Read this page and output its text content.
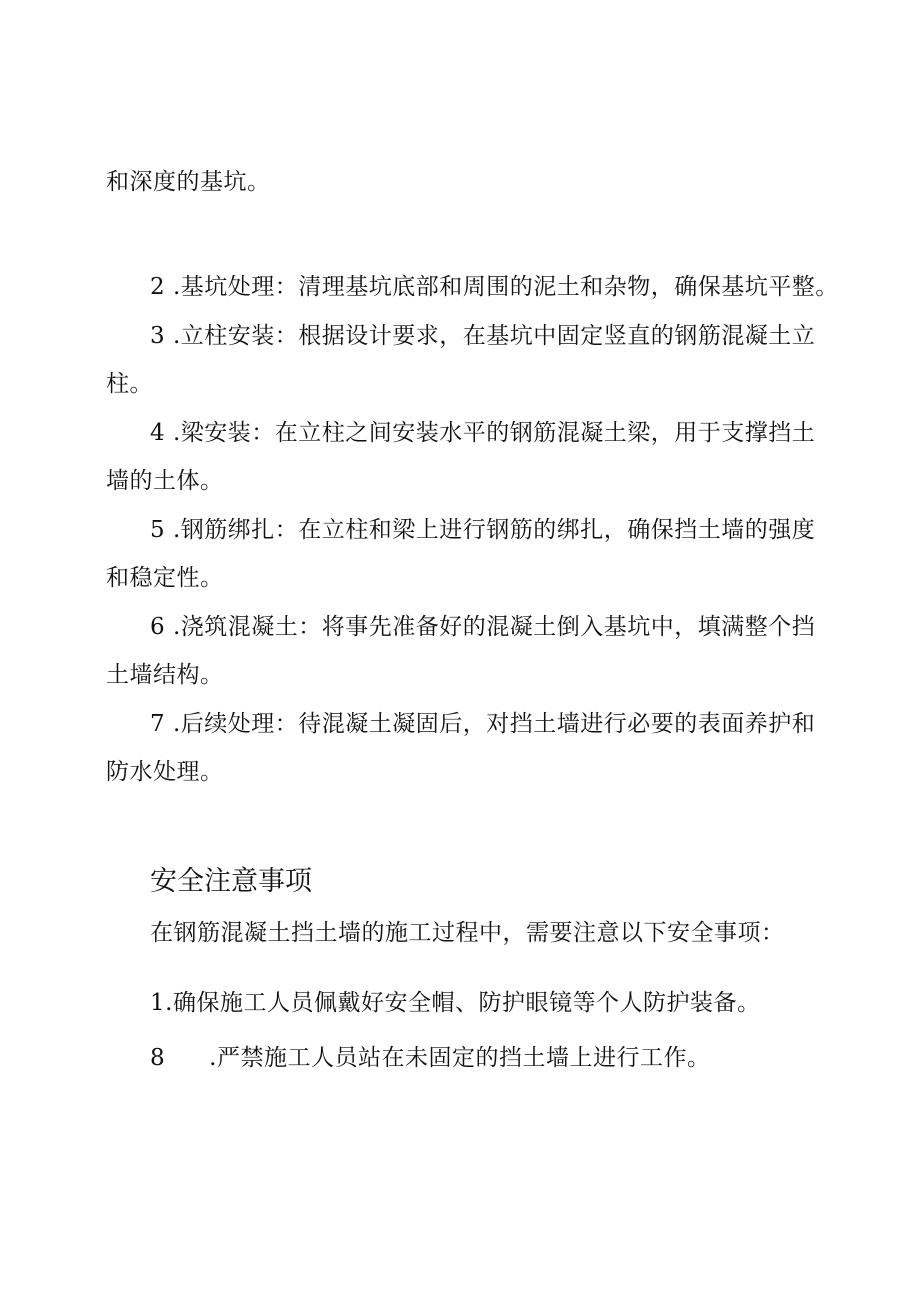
和深度的基坑。
2 .基坑处理：清理基坑底部和周围的泥土和杂物，确保基坑平整。
3 .立柱安装：根据设计要求，在基坑中固定竖直的钢筋混凝土立
柱。
4 .梁安装：在立柱之间安装水平的钢筋混凝土梁，用于支撑挡土
墙的土体。
5 .钢筋绑扎：在立柱和梁上进行钢筋的绑扎，确保挡土墙的强度
和稳定性。
6 .浇筑混凝土：将事先准备好的混凝土倒入基坑中，填满整个挡
土墙结构。
7 .后续处理：待混凝土凝固后，对挡土墙进行必要的表面养护和
防水处理。
安全注意事项
在钢筋混凝土挡土墙的施工过程中，需要注意以下安全事项：
1.确保施工人员佩戴好安全帽、防护眼镜等个人防护装备。
8 .严禁施工人员站在未固定的挡土墙上进行工作。
